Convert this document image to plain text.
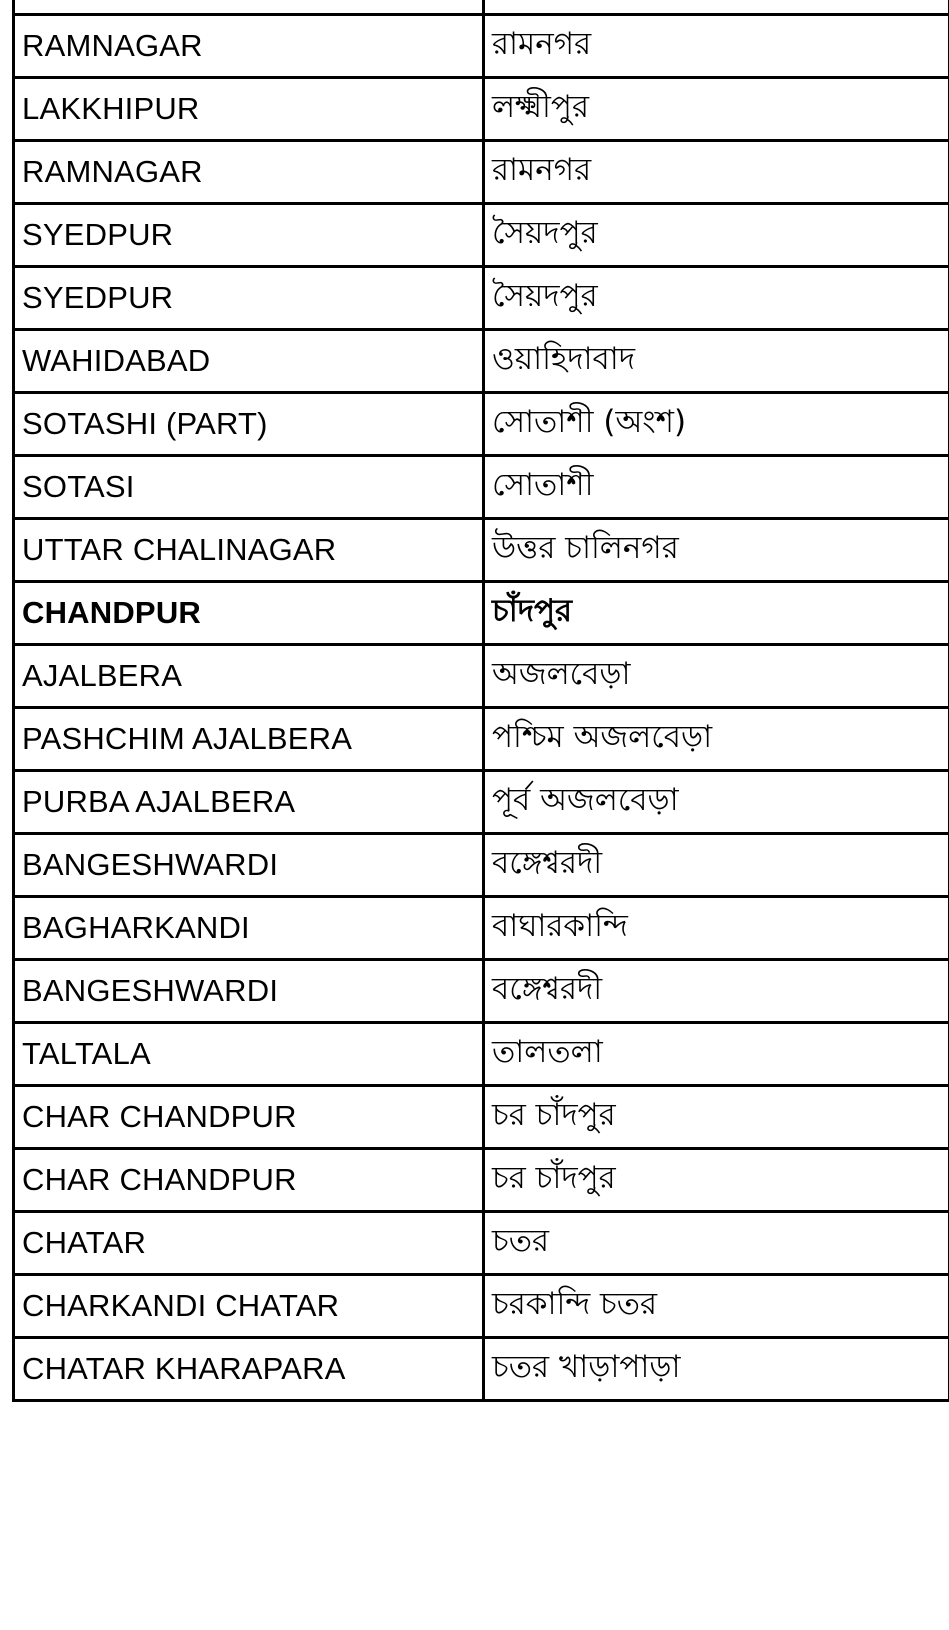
RAMNAGAR	রামনগর
LAKKHIPUR	লক্ষ্মীপুর
RAMNAGAR	রামনগর
SYEDPUR	সৈয়দপুর
SYEDPUR	সৈয়দপুর
WAHIDABAD	ওয়াহিদাবাদ
SOTASHI (PART)	সোতাশী (অংশ)
SOTASI	সোতাশী
UTTAR CHALINAGAR	উত্তর চালিনগর
CHANDPUR	চাঁদপুর
AJALBERA	অজলবেড়া
PASHCHIM AJALBERA	পশ্চিম অজলবেড়া
PURBA AJALBERA	পূর্ব অজলবেড়া
BANGESHWARDI	বঙ্গেশ্বরদী
BAGHARKANDI	বাঘারকান্দি
BANGESHWARDI	বঙ্গেশ্বরদী
TALTALA	তালতলা
CHAR CHANDPUR	চর চাঁদপুর
CHAR CHANDPUR	চর চাঁদপুর
CHATAR	চতর
CHARKANDI CHATAR	চরকান্দি চতর
CHATAR KHARAPARA	চতর খাড়াপাড়া
